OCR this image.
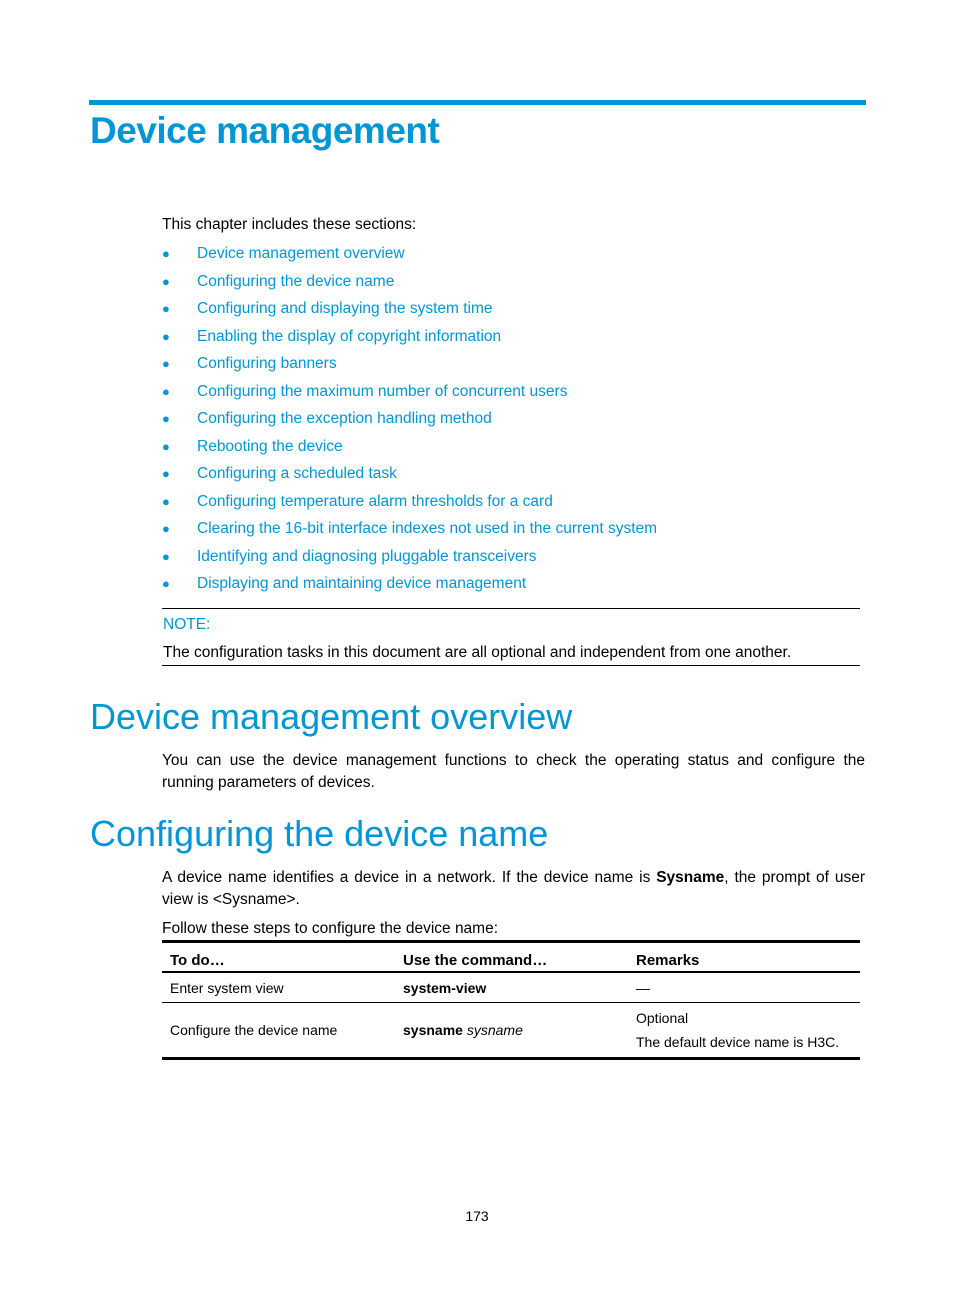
Device management

This chapter includes these sections:

● Device management overview
● Configuring the device name
● Configuring and displaying the system time
● Enabling the display of copyright information
● Configuring banners
● Configuring the maximum number of concurrent users
● Configuring the exception handling method
● Rebooting the device
● Configuring a scheduled task
● Configuring temperature alarm thresholds for a card
● Clearing the 16-bit interface indexes not used in the current system
● Identifying and diagnosing pluggable transceivers
● Displaying and maintaining device management
NOTE:
The configuration tasks in this document are all optional and independent from one another.
Device management overview

You can use the device management functions to check the operating status and configure the running parameters of devices.

Configuring the device name

A device name identifies a device in a network. If the device name is Sysname, the prompt of user view is <Sysname>.

Follow these steps to configure the device name:

To do…	Use the command…	Remarks
Enter system view	system-view	—
Configure the device name	sysname sysname	Optional
The default device name is H3C.
173
